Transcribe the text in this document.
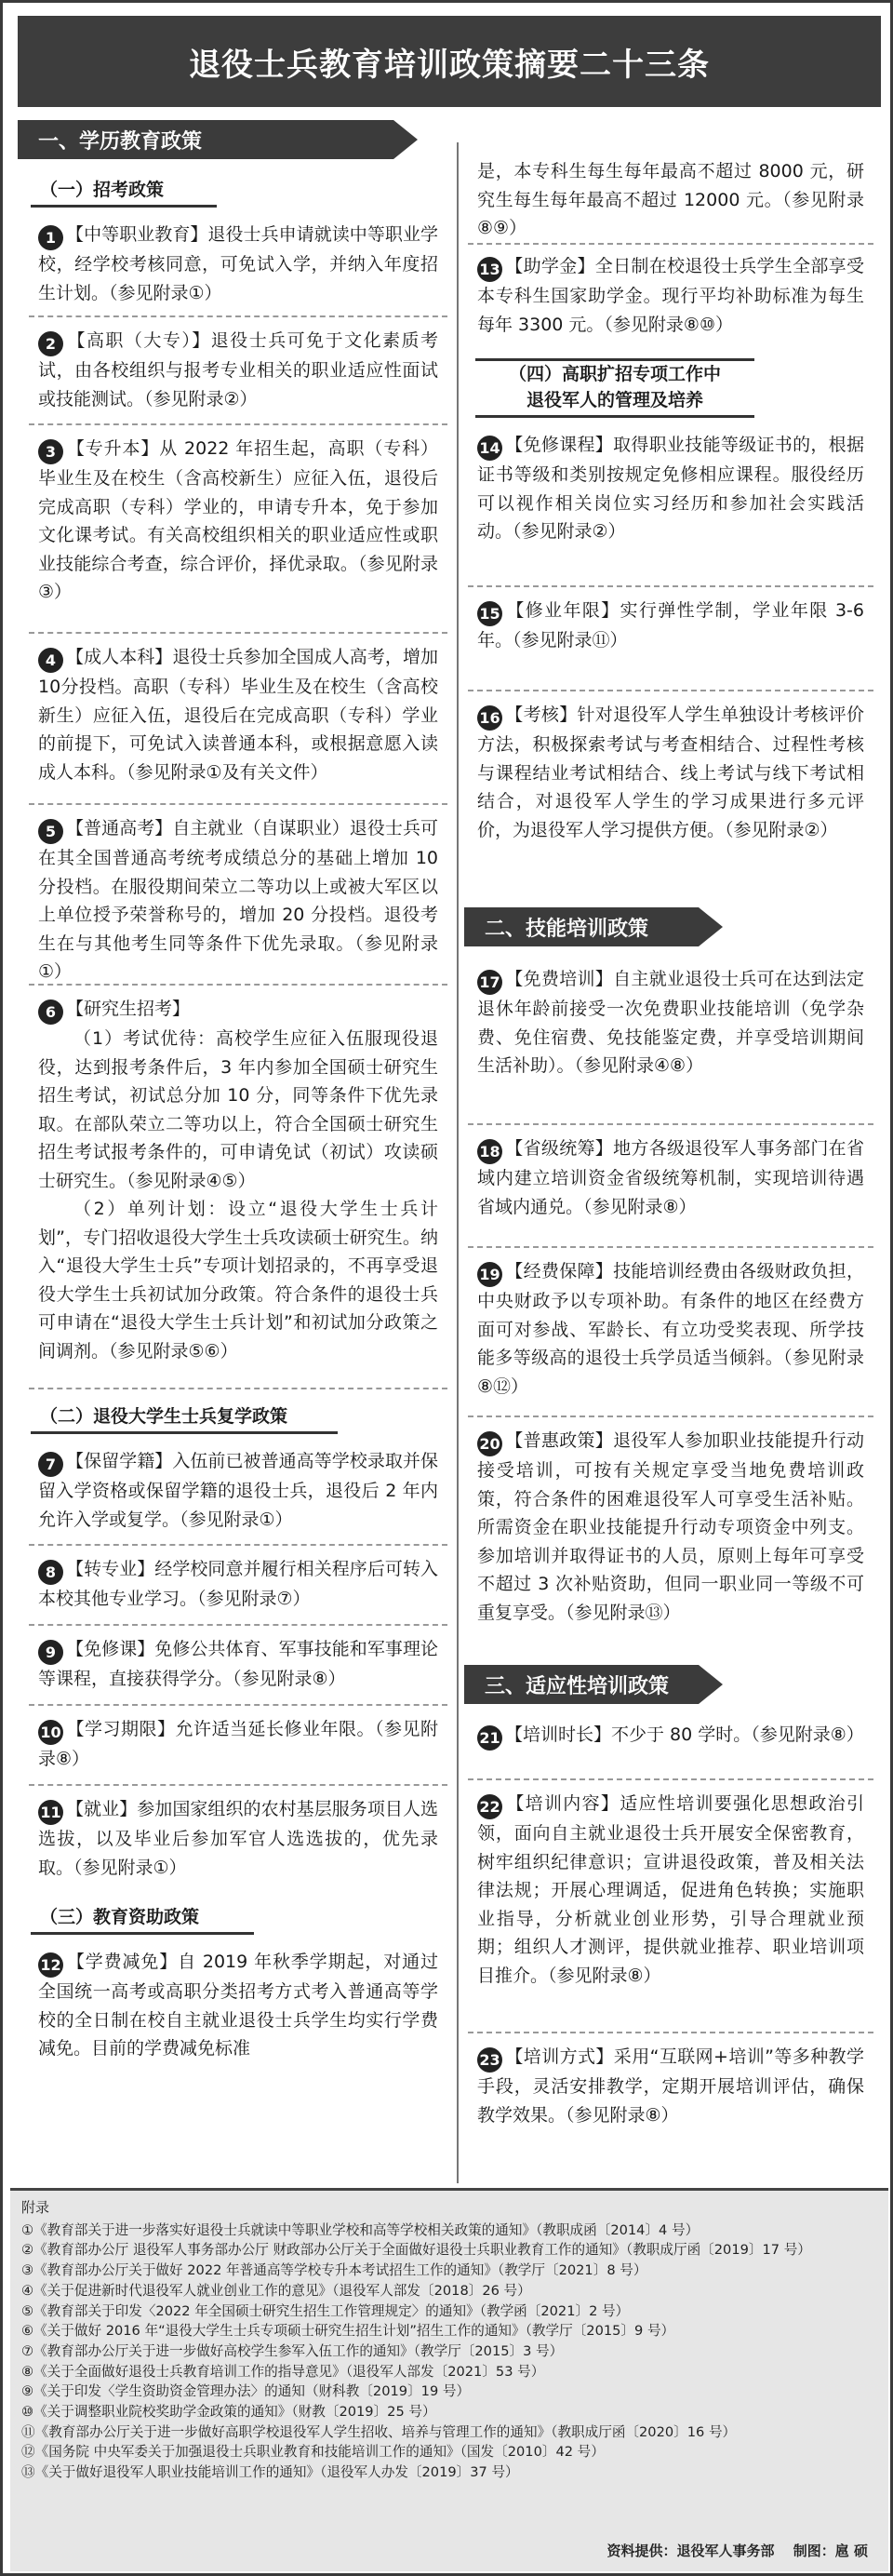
退役士兵教育培训政策摘要二十三条
一、学历教育政策
（一）招考政策
1 【中等职业教育】退役士兵申请就读中等职业学校，经学校考核同意，可免试入学，并纳入年度招生计划。（参见附录①）
2 【高职（大专）】退役士兵可免于文化素质考试，由各校组织与报考专业相关的职业适应性面试或技能测试。（参见附录②）
3 【专升本】从 2022 年招生起，高职（专科）毕业生及在校生（含高校新生）应征入伍，退役后完成高职（专科）学业的，申请专升本，免于参加文化课考试。有关高校组织相关的职业适应性或职业技能综合考查，综合评价，择优录取。（参见附录③）
4 【成人本科】退役士兵参加全国成人高考，增加10分投档。高职（专科）毕业生及在校生（含高校新生）应征入伍，退役后在完成高职（专科）学业的前提下，可免试入读普通本科，或根据意愿入读成人本科。（参见附录①及有关文件）
5 【普通高考】自主就业（自谋职业）退役士兵可在其全国普通高考统考成绩总分的基础上增加 10 分投档。在服役期间荣立二等功以上或被大军区以上单位授予荣誉称号的，增加 20 分投档。退役考生在与其他考生同等条件下优先录取。（参见附录①）

6 【研究生招考】

（1）考试优待：高校学生应征入伍服现役退役，达到报考条件后，3 年内参加全国硕士研究生招生考试，初试总分加 10 分，同等条件下优先录取。在部队荣立二等功以上，符合全国硕士研究生招生考试报考条件的，可申请免试（初试）攻读硕士研究生。（参见附录④⑤）

（2）单列计划：设立“退役大学生士兵计划”，专门招收退役大学生士兵攻读硕士研究生。纳入“退役大学生士兵”专项计划招录的，不再享受退役大学生士兵初试加分政策。符合条件的退役士兵可申请在“退役大学生士兵计划”和初试加分政策之间调剂。（参见附录⑤⑥）

（二）退役大学生士兵复学政策
7 【保留学籍】入伍前已被普通高等学校录取并保留入学资格或保留学籍的退役士兵，退役后 2 年内允许入学或复学。（参见附录①）
8 【转专业】经学校同意并履行相关程序后可转入本校其他专业学习。（参见附录⑦）
9 【免修课】免修公共体育、军事技能和军事理论等课程，直接获得学分。（参见附录⑧）
10 【学习期限】允许适当延长修业年限。（参见附录⑧）
11 【就业】参加国家组织的农村基层服务项目人选选拔，以及毕业后参加军官人选选拔的，优先录取。（参见附录①）
（三）教育资助政策
12 【学费减免】自 2019 年秋季学期起，对通过全国统一高考或高职分类招考方式考入普通高等学校的全日制在校自主就业退役士兵学生均实行学费减免。目前的学费减免标准
是，本专科生每生每年最高不超过 8000 元，研究生每生每年最高不超过 12000 元。（参见附录⑧⑨）
13 【助学金】全日制在校退役士兵学生全部享受本专科生国家助学金。现行平均补助标准为每生每年 3300 元。（参见附录⑧⑩）
（四）高职扩招专项工作中
退役军人的管理及培养
14 【免修课程】取得职业技能等级证书的，根据证书等级和类别按规定免修相应课程。服役经历可以视作相关岗位实习经历和参加社会实践活动。（参见附录②）
15 【修业年限】实行弹性学制，学业年限 3-6 年。（参见附录⑪）
16 【考核】针对退役军人学生单独设计考核评价方法，积极探索考试与考查相结合、过程性考核与课程结业考试相结合、线上考试与线下考试相结合，对退役军人学生的学习成果进行多元评价，为退役军人学习提供方便。（参见附录②）
二、技能培训政策
17 【免费培训】自主就业退役士兵可在达到法定退休年龄前接受一次免费职业技能培训（免学杂费、免住宿费、免技能鉴定费，并享受培训期间生活补助）。（参见附录④⑧）
18 【省级统筹】地方各级退役军人事务部门在省域内建立培训资金省级统筹机制，实现培训待遇省域内通兑。（参见附录⑧）
19 【经费保障】技能培训经费由各级财政负担，中央财政予以专项补助。有条件的地区在经费方面可对参战、军龄长、有立功受奖表现、所学技能多等级高的退役士兵学员适当倾斜。（参见附录⑧⑫）
20 【普惠政策】退役军人参加职业技能提升行动接受培训，可按有关规定享受当地免费培训政策，符合条件的困难退役军人可享受生活补贴。所需资金在职业技能提升行动专项资金中列支。参加培训并取得证书的人员，原则上每年可享受不超过 3 次补贴资助，但同一职业同一等级不可重复享受。（参见附录⑬）
三、适应性培训政策
21 【培训时长】不少于 80 学时。（参见附录⑧）
22 【培训内容】适应性培训要强化思想政治引领，面向自主就业退役士兵开展安全保密教育，树牢组织纪律意识；宣讲退役政策，普及相关法律法规；开展心理调适，促进角色转换；实施职业指导，分析就业创业形势，引导合理就业预期；组织人才测评，提供就业推荐、职业培训项目推介。（参见附录⑧）
23 【培训方式】采用“互联网+培训”等多种教学手段，灵活安排教学，定期开展培训评估，确保教学效果。（参见附录⑧）
附录
①《教育部关于进一步落实好退役士兵就读中等职业学校和高等学校相关政策的通知》（教职成函〔2014〕4 号）
②《教育部办公厅 退役军人事务部办公厅 财政部办公厅关于全面做好退役士兵职业教育工作的通知》（教职成厅函〔2019〕17 号）
③《教育部办公厅关于做好 2022 年普通高等学校专升本考试招生工作的通知》（教学厅〔2021〕8 号）
④《关于促进新时代退役军人就业创业工作的意见》（退役军人部发〔2018〕26 号）
⑤《教育部关于印发〈2022 年全国硕士研究生招生工作管理规定〉的通知》（教学函〔2021〕2 号）
⑥《关于做好 2016 年“退役大学生士兵专项硕士研究生招生计划”招生工作的通知》（教学厅〔2015〕9 号）
⑦《教育部办公厅关于进一步做好高校学生参军入伍工作的通知》（教学厅〔2015〕3 号）
⑧《关于全面做好退役士兵教育培训工作的指导意见》（退役军人部发〔2021〕53 号）
⑨《关于印发〈学生资助资金管理办法〉的通知（财科教〔2019〕19 号）
⑩《关于调整职业院校奖助学金政策的通知》（财教〔2019〕25 号）
⑪《教育部办公厅关于进一步做好高职学校退役军人学生招收、培养与管理工作的通知》（教职成厅函〔2020〕16 号）
⑫《国务院 中央军委关于加强退役士兵职业教育和技能培训工作的通知》（国发〔2010〕42 号）
⑬《关于做好退役军人职业技能培训工作的通知》（退役军人办发〔2019〕37 号）
资料提供：退役军人事务部　 制图：扈 硕
